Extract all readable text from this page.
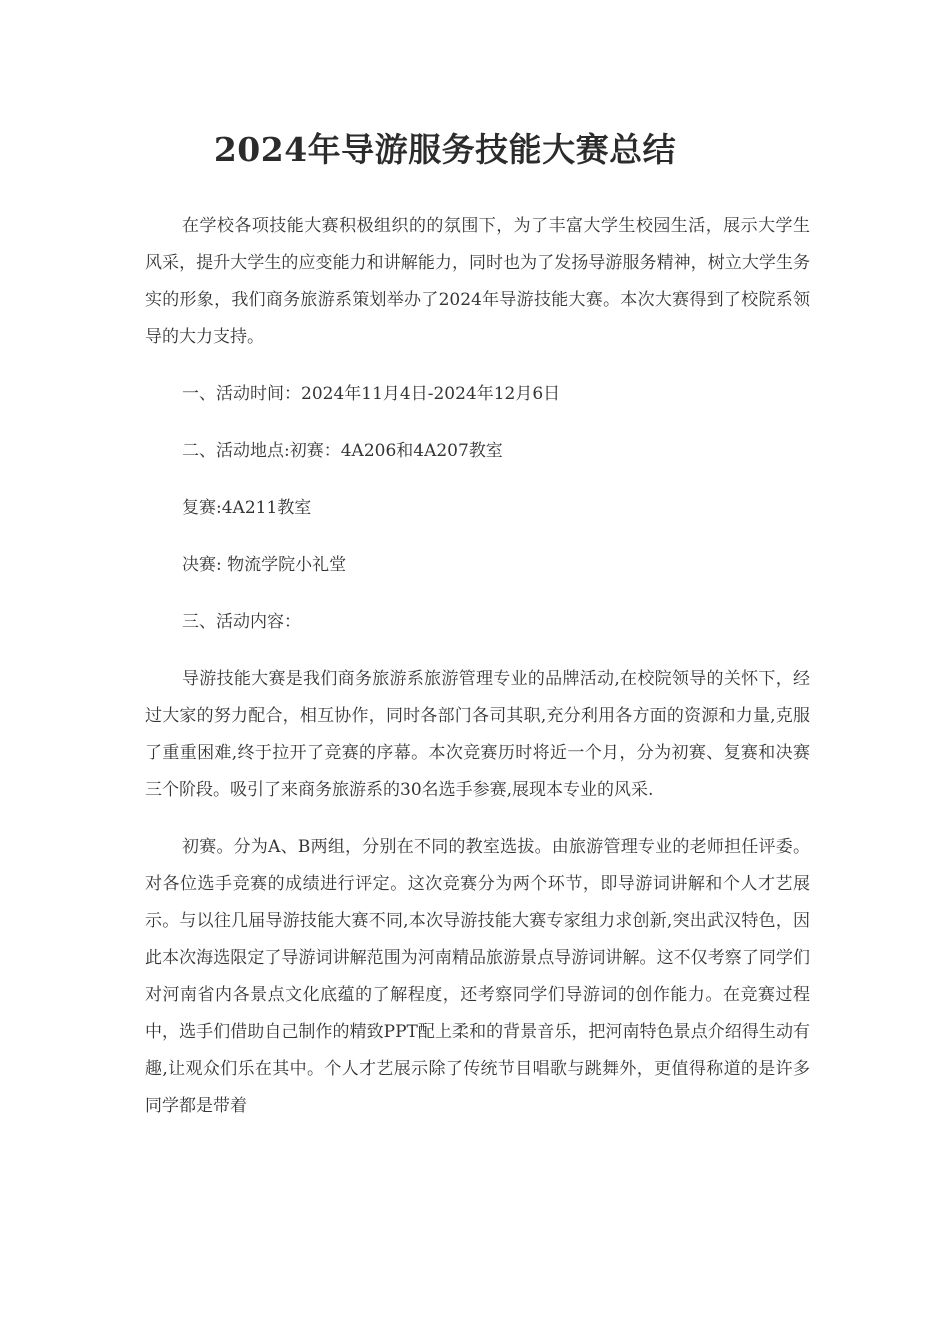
2024年导游服务技能大赛总结

在学校各项技能大赛积极组织的的氛围下，为了丰富大学生校园生活，展示大学生风采，提升大学生的应变能力和讲解能力，同时也为了发扬导游服务精神，树立大学生务实的形象，我们商务旅游系策划举办了2024年导游技能大赛。本次大赛得到了校院系领导的大力支持。

一、活动时间：2024年11月4日-2024年12月6日

二、活动地点:初赛：4A206和4A207教室

复赛:4A211教室

决赛: 物流学院小礼堂

三、活动内容：

导游技能大赛是我们商务旅游系旅游管理专业的品牌活动,在校院领导的关怀下，经过大家的努力配合，相互协作，同时各部门各司其职,充分利用各方面的资源和力量,克服了重重困难,终于拉开了竞赛的序幕。本次竞赛历时将近一个月，分为初赛、复赛和决赛三个阶段。吸引了来商务旅游系的30名选手参赛,展现本专业的风采.

初赛。分为A、B两组，分别在不同的教室选拔。由旅游管理专业的老师担任评委。对各位选手竞赛的成绩进行评定。这次竞赛分为两个环节，即导游词讲解和个人才艺展示。与以往几届导游技能大赛不同,本次导游技能大赛专家组力求创新,突出武汉特色，因此本次海选限定了导游词讲解范围为河南精品旅游景点导游词讲解。这不仅考察了同学们对河南省内各景点文化底蕴的了解程度，还考察同学们导游词的创作能力。在竞赛过程中，选手们借助自己制作的精致PPT配上柔和的背景音乐，把河南特色景点介绍得生动有趣,让观众们乐在其中。个人才艺展示除了传统节目唱歌与跳舞外，更值得称道的是许多同学都是带着
